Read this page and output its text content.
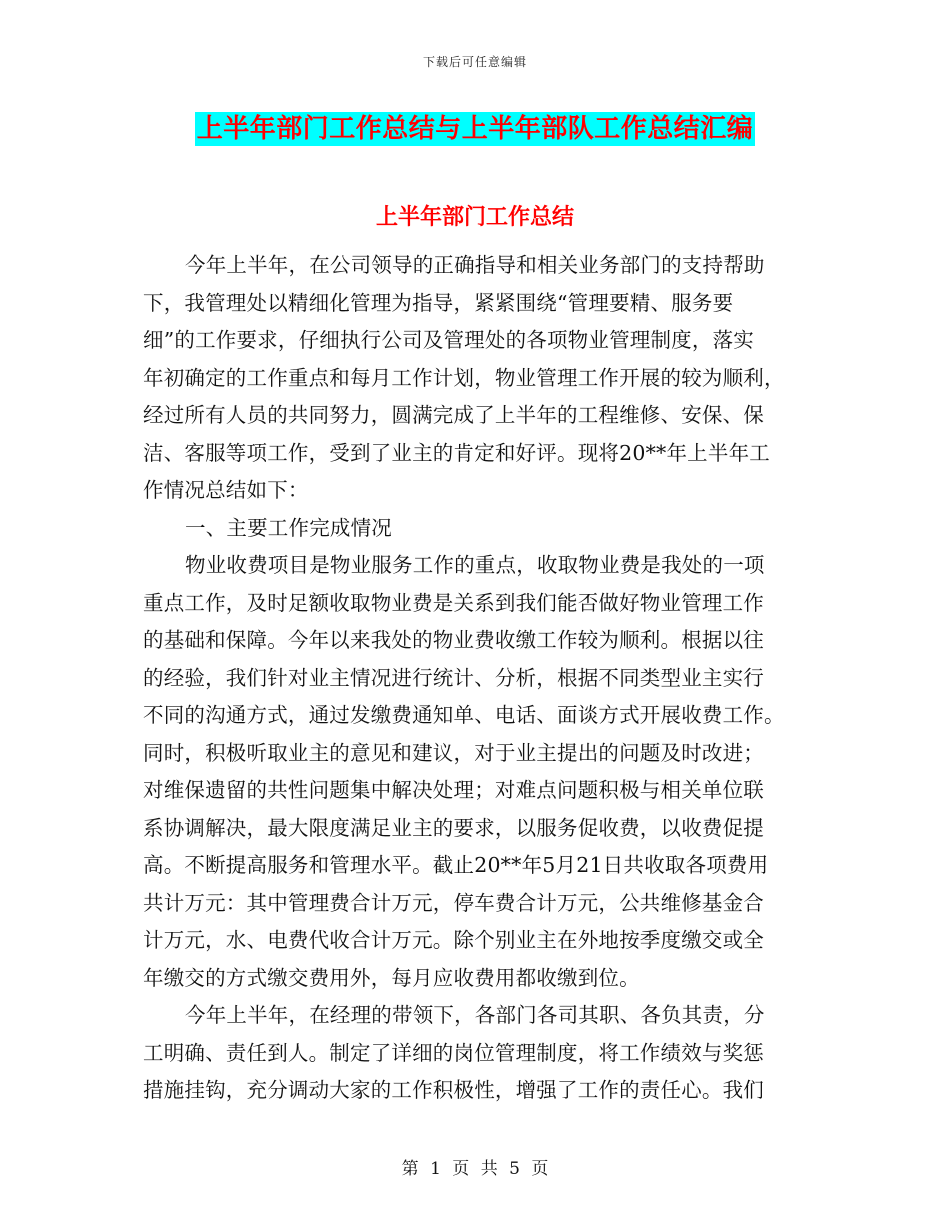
下载后可任意编辑
上半年部门工作总结与上半年部队工作总结汇编
上半年部门工作总结
今年上半年，在公司领导的正确指导和相关业务部门的支持帮助
下，我管理处以精细化管理为指导，紧紧围绕“管理要精、服务要
细”的工作要求，仔细执行公司及管理处的各项物业管理制度，落实
年初确定的工作重点和每月工作计划，物业管理工作开展的较为顺利，
经过所有人员的共同努力，圆满完成了上半年的工程维修、安保、保
洁、客服等项工作，受到了业主的肯定和好评。现将20**年上半年工
作情况总结如下：
一、主要工作完成情况
物业收费项目是物业服务工作的重点，收取物业费是我处的一项
重点工作，及时足额收取物业费是关系到我们能否做好物业管理工作
的基础和保障。今年以来我处的物业费收缴工作较为顺利。根据以往
的经验，我们针对业主情况进行统计、分析，根据不同类型业主实行
不同的沟通方式，通过发缴费通知单、电话、面谈方式开展收费工作。
同时，积极听取业主的意见和建议，对于业主提出的问题及时改进；
对维保遗留的共性问题集中解决处理；对难点问题积极与相关单位联
系协调解决，最大限度满足业主的要求，以服务促收费，以收费促提
高。不断提高服务和管理水平。截止20**年5月21日共收取各项费用
共计万元：其中管理费合计万元，停车费合计万元，公共维修基金合
计万元，水、电费代收合计万元。除个别业主在外地按季度缴交或全
年缴交的方式缴交费用外，每月应收费用都收缴到位。
今年上半年，在经理的带领下，各部门各司其职、各负其责，分
工明确、责任到人。制定了详细的岗位管理制度，将工作绩效与奖惩
措施挂钩，充分调动大家的工作积极性，增强了工作的责任心。我们
第 1 页 共 5 页
